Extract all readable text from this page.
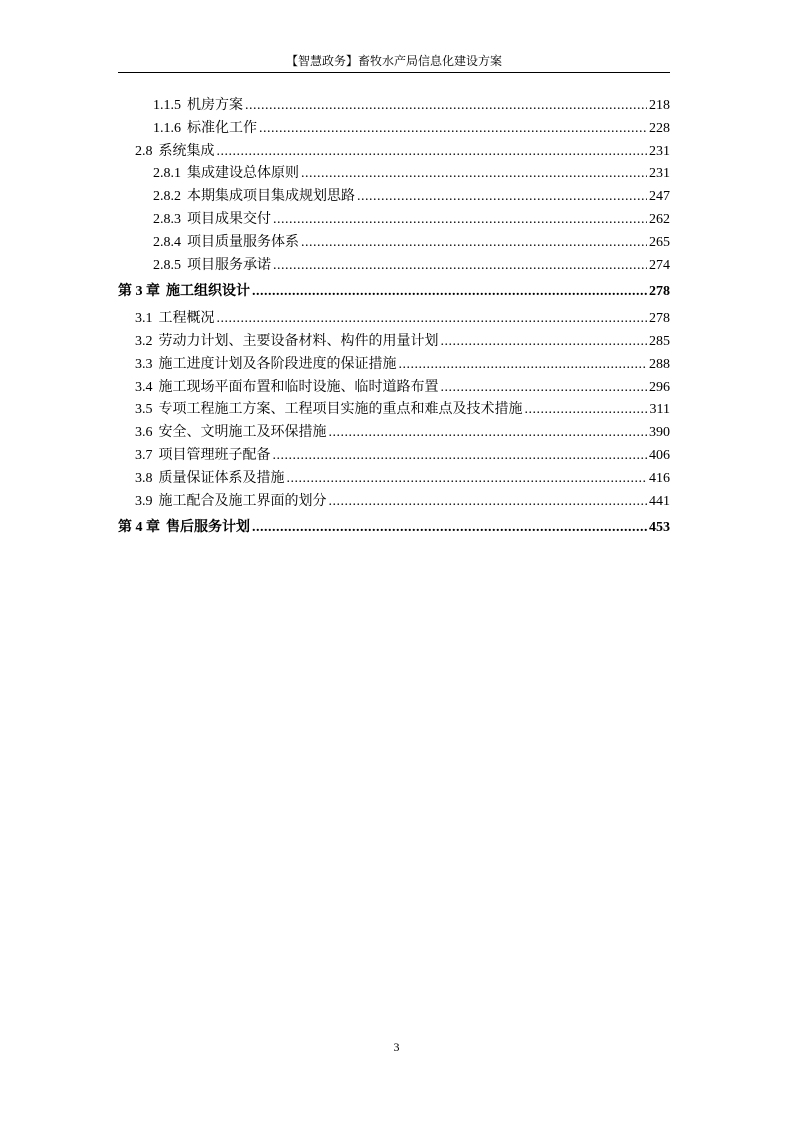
【智慧政务】畜牧水产局信息化建设方案
1.1.5 机房方案 .....	218
1.1.6 标准化工作 .....	228
2.8 系统集成 .....	231
2.8.1 集成建设总体原则 .....	231
2.8.2 本期集成项目集成规划思路 .....	247
2.8.3 项目成果交付 .....	262
2.8.4 项目质量服务体系 .....	265
2.8.5 项目服务承诺 .....	274
第 3 章 施工组织设计 .....	278
3.1 工程概况 .....	278
3.2 劳动力计划、主要设备材料、构件的用量计划 .....	285
3.3 施工进度计划及各阶段进度的保证措施 .....	288
3.4 施工现场平面布置和临时设施、临时道路布置 .....	296
3.5 专项工程施工方案、工程项目实施的重点和难点及技术措施 .....	311
3.6 安全、文明施工及环保措施 .....	390
3.7 项目管理班子配备 .....	406
3.8 质量保证体系及措施 .....	416
3.9 施工配合及施工界面的划分 .....	441
第 4 章 售后服务计划 .....	453
3
